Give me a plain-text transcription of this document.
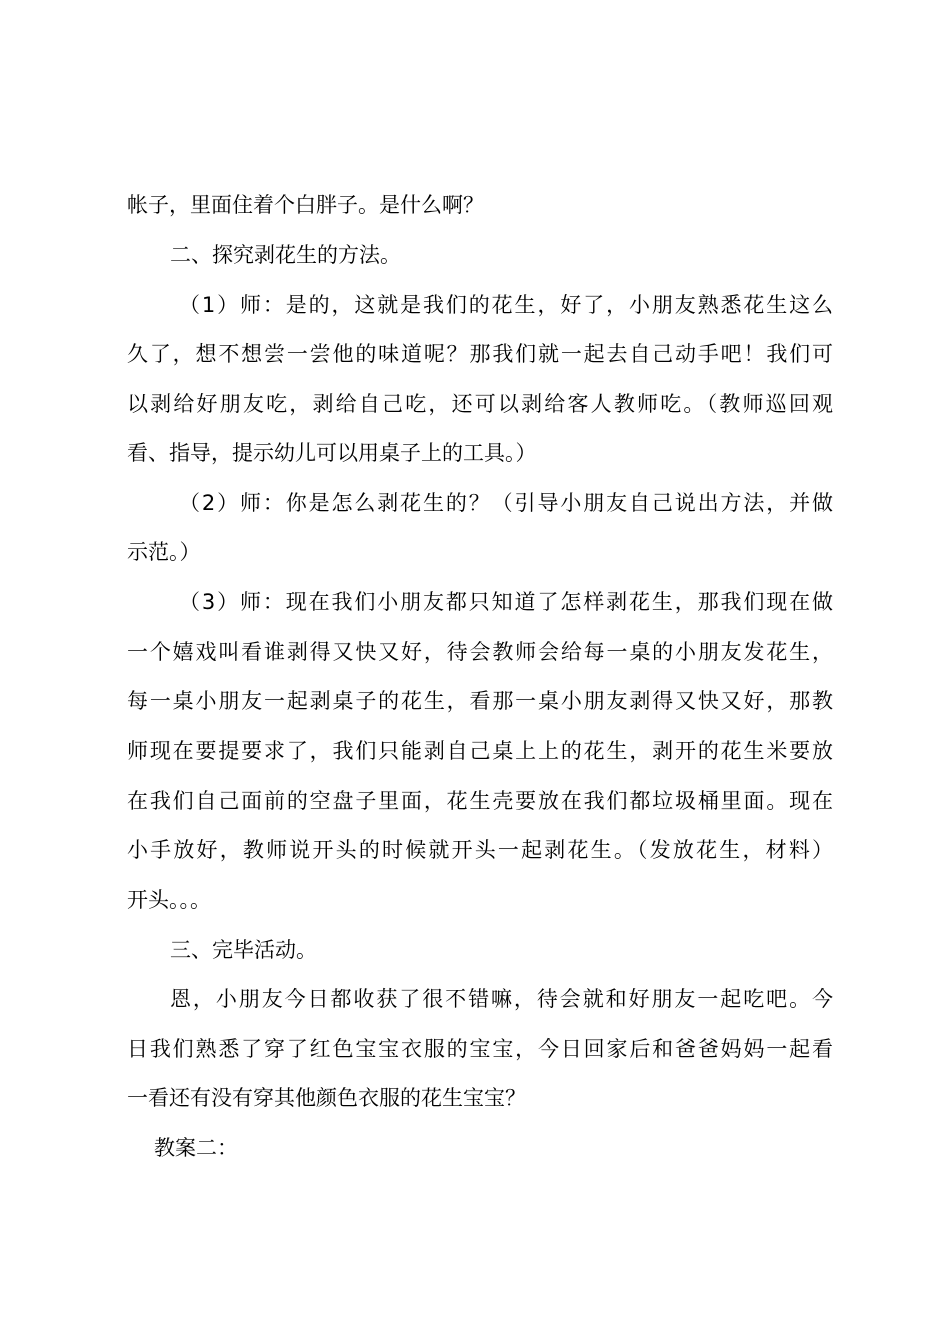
帐子，里面住着个白胖子。是什么啊？
二、探究剥花生的方法。
（1）师：是的，这就是我们的花生，好了，小朋友熟悉花生这么
久了，想不想尝一尝他的味道呢？那我们就一起去自己动手吧！我们可
以剥给好朋友吃，剥给自己吃，还可以剥给客人教师吃。（教师巡回观
看、指导，提示幼儿可以用桌子上的工具。）
（2）师：你是怎么剥花生的？（引导小朋友自己说出方法，并做
示范。）
（3）师：现在我们小朋友都只知道了怎样剥花生，那我们现在做
一个嬉戏叫看谁剥得又快又好，待会教师会给每一桌的小朋友发花生，
每一桌小朋友一起剥桌子的花生，看那一桌小朋友剥得又快又好，那教
师现在要提要求了，我们只能剥自己桌上上的花生，剥开的花生米要放
在我们自己面前的空盘子里面，花生壳要放在我们都垃圾桶里面。现在
小手放好，教师说开头的时候就开头一起剥花生。（发放花生，材料）
开头。。。
三、完毕活动。
恩，小朋友今日都收获了很不错嘛，待会就和好朋友一起吃吧。今
日我们熟悉了穿了红色宝宝衣服的宝宝，今日回家后和爸爸妈妈一起看
一看还有没有穿其他颜色衣服的花生宝宝？
教案二：
